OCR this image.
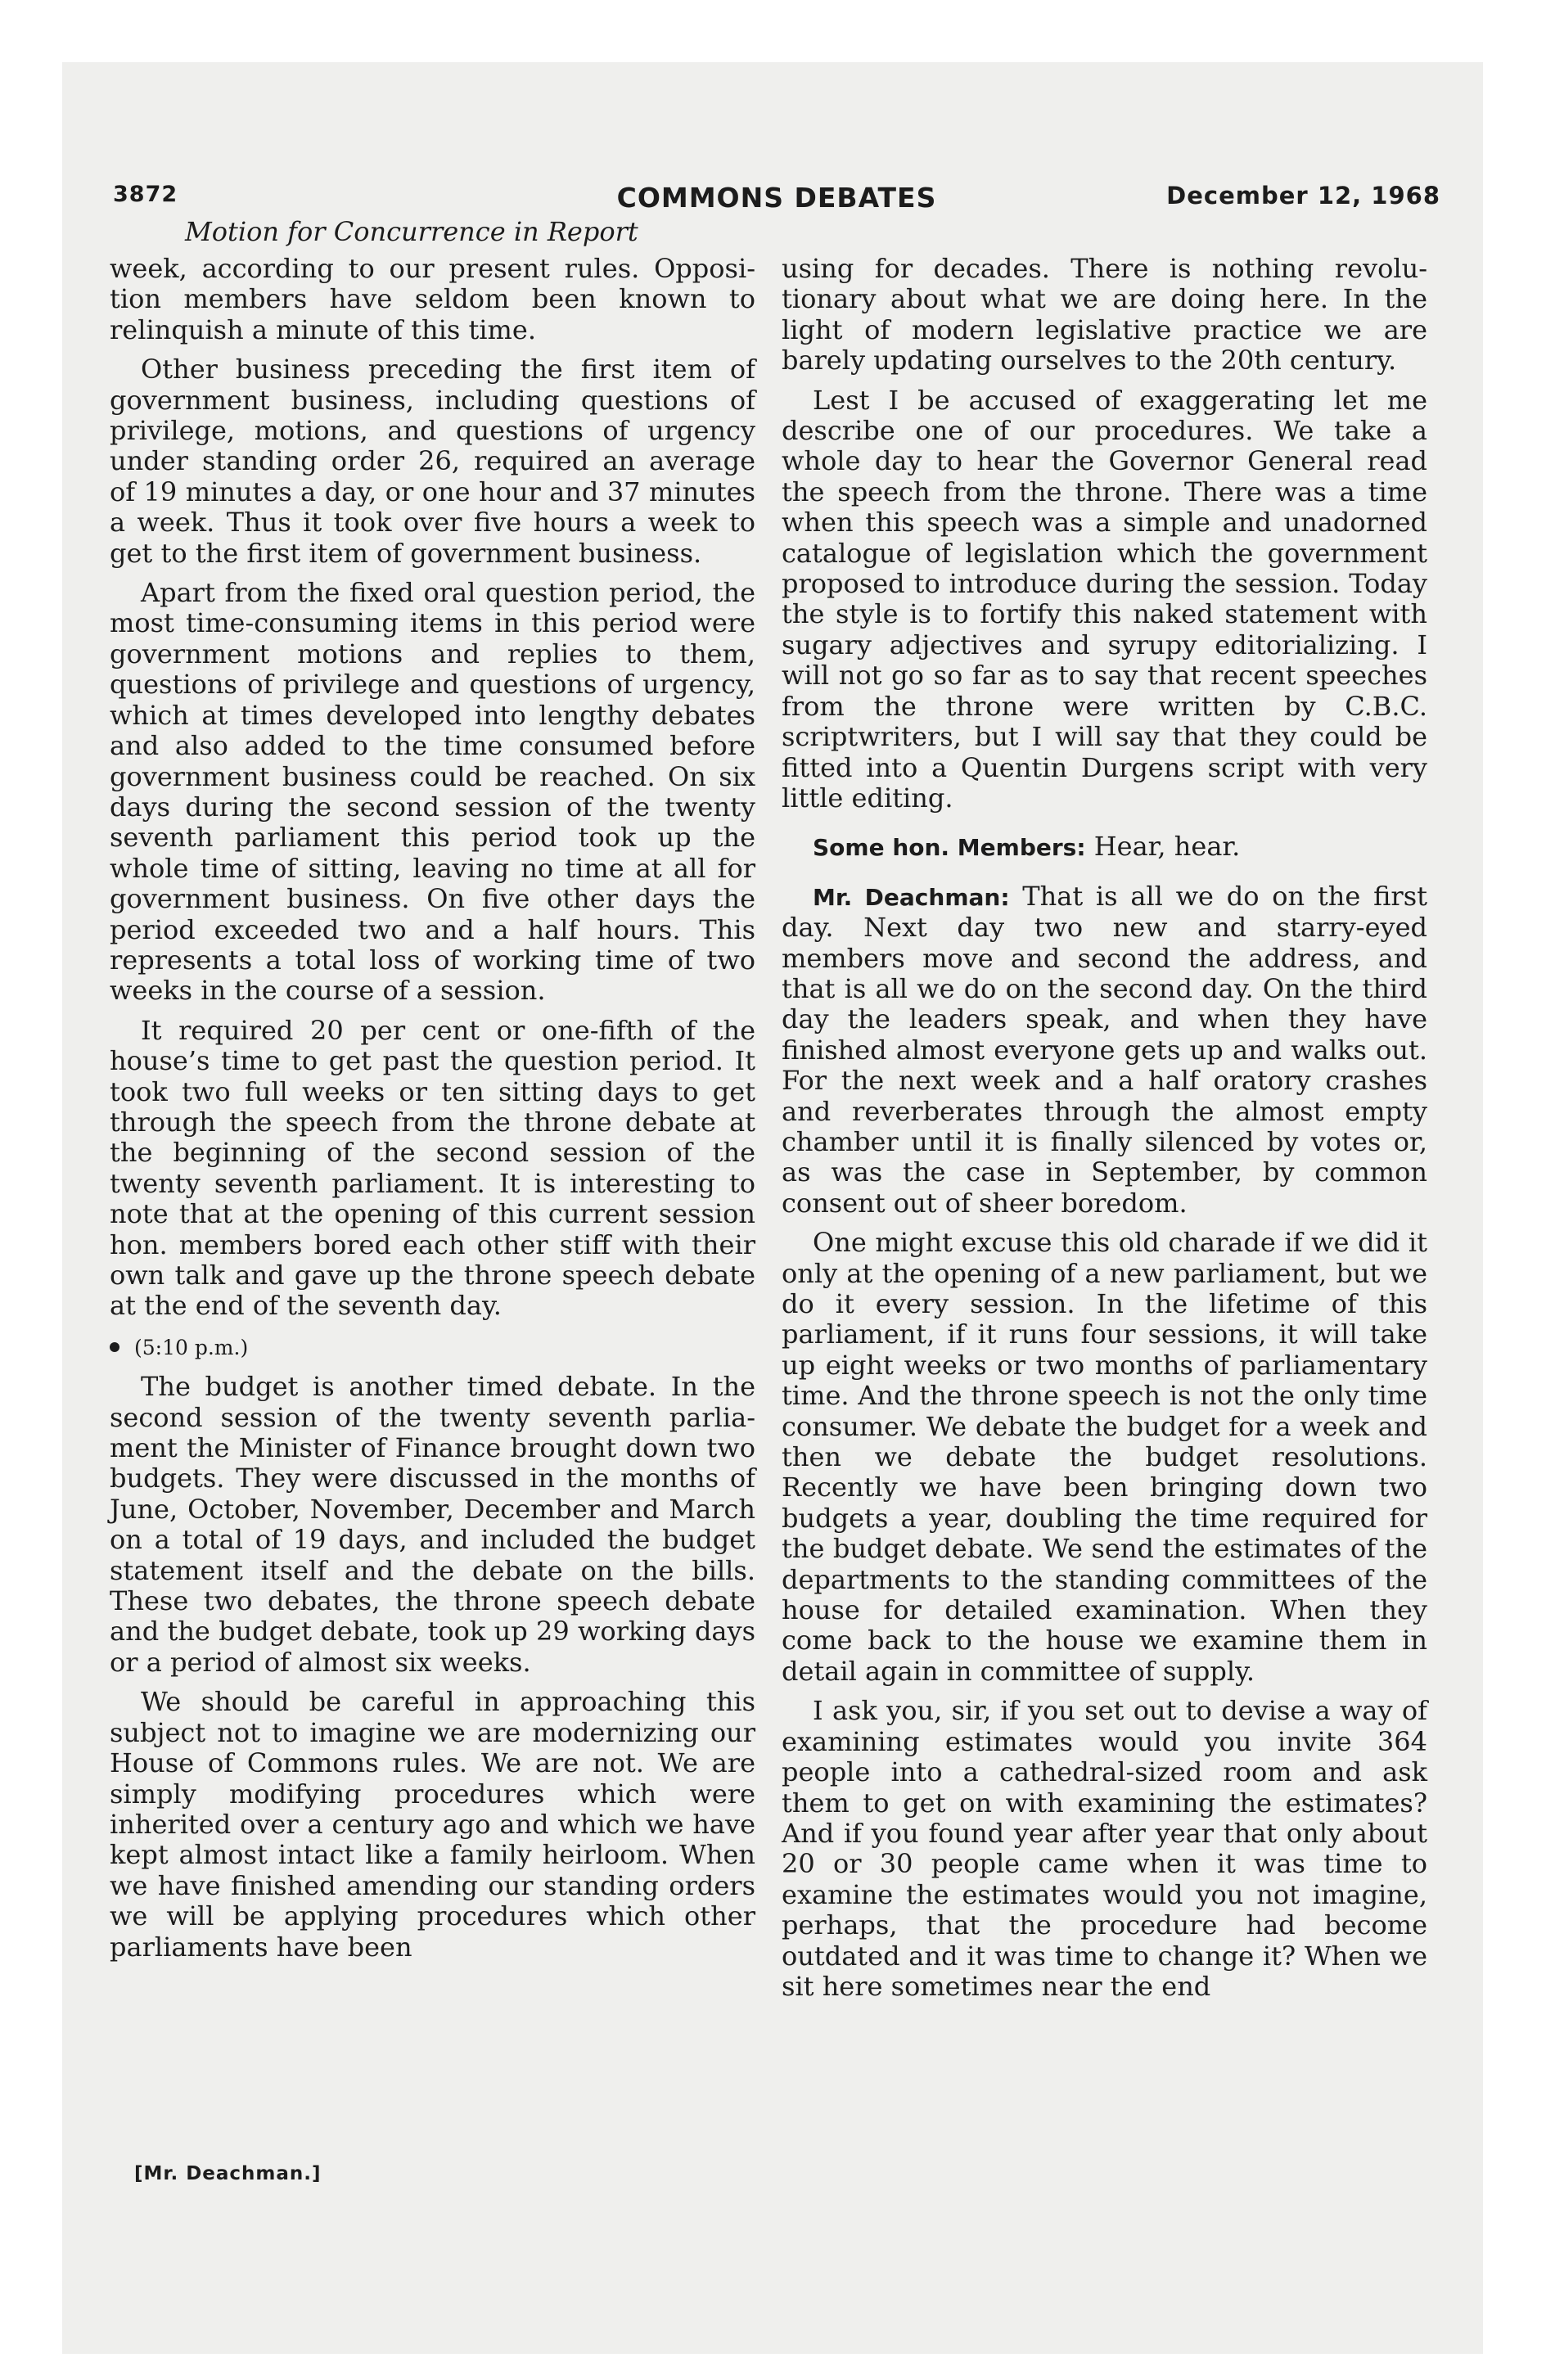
3872	COMMONS DEBATES	December 12, 1968
Motion for Concurrence in Report

week, according to our present rules. Opposition members have seldom been known to relinquish a minute of this time.

Other business preceding the first item of government business, including questions of privilege, motions, and questions of urgency under standing order 26, required an average of 19 minutes a day, or one hour and 37 minutes a week. Thus it took over five hours a week to get to the first item of government business.

Apart from the fixed oral question period, the most time-consuming items in this period were government motions and replies to them, questions of privilege and questions of urgency, which at times developed into lengthy debates and also added to the time consumed before government business could be reached. On six days during the second session of the twenty seventh parliament this period took up the whole time of sitting, leaving no time at all for government business. On five other days the period exceeded two and a half hours. This represents a total loss of working time of two weeks in the course of a session.

It required 20 per cent or one-fifth of the house’s time to get past the question period. It took two full weeks or ten sitting days to get through the speech from the throne debate at the beginning of the second session of the twenty seventh parliament. It is interesting to note that at the opening of this current session hon. members bored each other stiff with their own talk and gave up the throne speech debate at the end of the seventh day.

(5:10 p.m.)

The budget is another timed debate. In the second session of the twenty seventh parliament the Minister of Finance brought down two budgets. They were discussed in the months of June, October, November, December and March on a total of 19 days, and included the budget statement itself and the debate on the bills. These two debates, the throne speech debate and the budget debate, took up 29 working days or a period of almost six weeks.

We should be careful in approaching this subject not to imagine we are modernizing our House of Commons rules. We are not. We are simply modifying procedures which were inherited over a century ago and which we have kept almost intact like a family heirloom. When we have finished amending our standing orders we will be applying procedures which other parliaments have been

using for decades. There is nothing revolutionary about what we are doing here. In the light of modern legislative practice we are barely updating ourselves to the 20th century.

Lest I be accused of exaggerating let me describe one of our procedures. We take a whole day to hear the Governor General read the speech from the throne. There was a time when this speech was a simple and unadorned catalogue of legislation which the government proposed to introduce during the session. Today the style is to fortify this naked statement with sugary adjectives and syrupy editorializing. I will not go so far as to say that recent speeches from the throne were written by C.B.C. scriptwriters, but I will say that they could be fitted into a Quentin Durgens script with very little editing.

Some hon. Members: Hear, hear.

Mr. Deachman: That is all we do on the first day. Next day two new and starry-eyed members move and second the address, and that is all we do on the second day. On the third day the leaders speak, and when they have finished almost everyone gets up and walks out. For the next week and a half oratory crashes and reverberates through the almost empty chamber until it is finally silenced by votes or, as was the case in September, by common consent out of sheer boredom.

One might excuse this old charade if we did it only at the opening of a new parliament, but we do it every session. In the lifetime of this parliament, if it runs four sessions, it will take up eight weeks or two months of parliamentary time. And the throne speech is not the only time consumer. We debate the budget for a week and then we debate the budget resolutions. Recently we have been bringing down two budgets a year, doubling the time required for the budget debate. We send the estimates of the departments to the standing committees of the house for detailed examination. When they come back to the house we examine them in detail again in committee of supply.

I ask you, sir, if you set out to devise a way of examining estimates would you invite 364 people into a cathedral-sized room and ask them to get on with examining the estimates? And if you found year after year that only about 20 or 30 people came when it was time to examine the estimates would you not imagine, perhaps, that the procedure had become outdated and it was time to change it? When we sit here sometimes near the end

[Mr. Deachman.]
